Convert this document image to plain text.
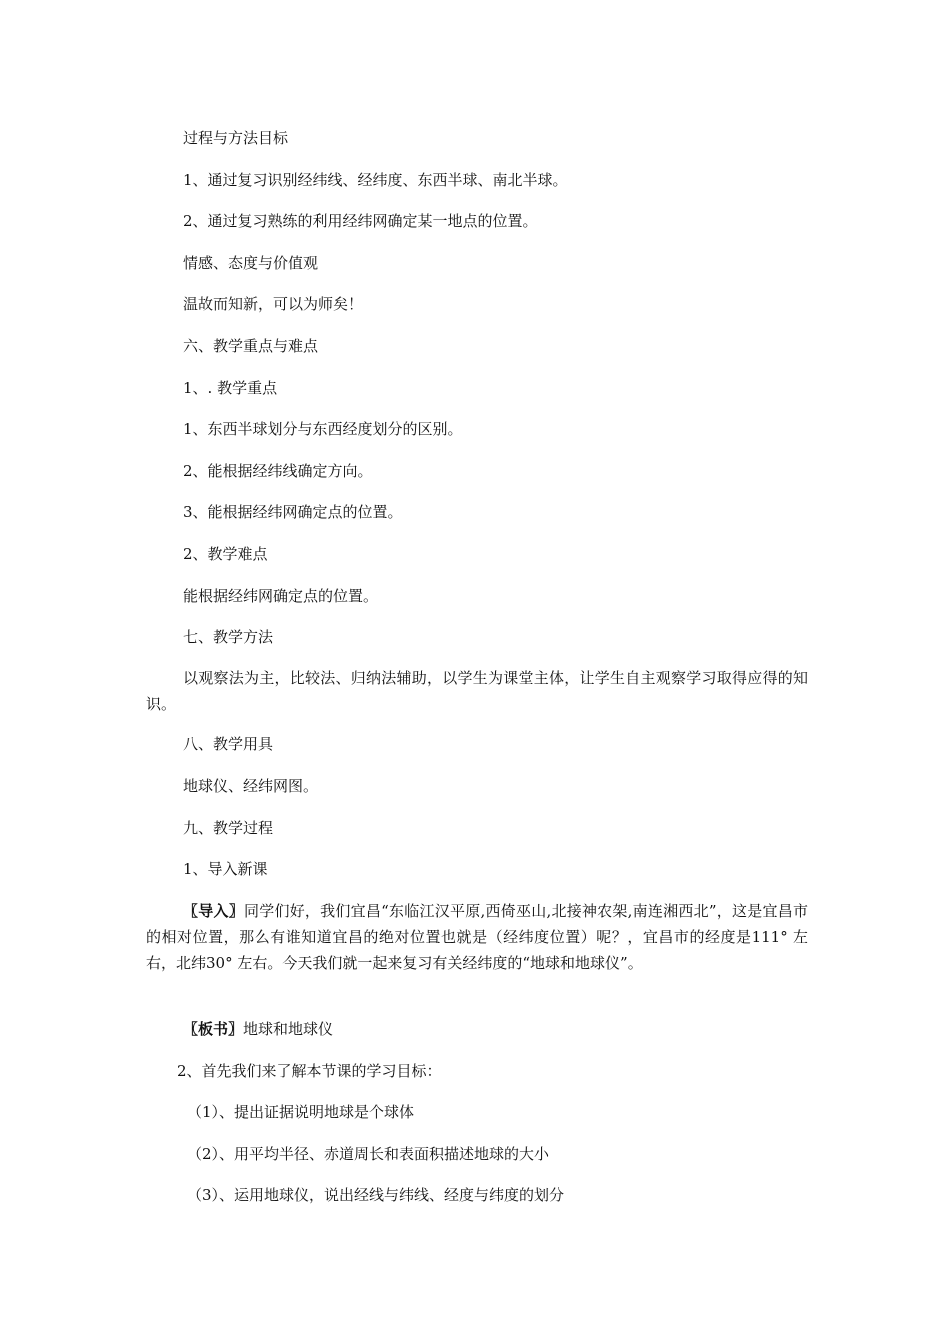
过程与方法目标
1、通过复习识别经纬线、经纬度、东西半球、南北半球。
2、通过复习熟练的利用经纬网确定某一地点的位置。
情感、态度与价值观
温故而知新，可以为师矣！
六、教学重点与难点
1、. 教学重点
1、东西半球划分与东西经度划分的区别。
2、能根据经纬线确定方向。
3、能根据经纬网确定点的位置。
2、教学难点
能根据经纬网确定点的位置。
七、教学方法
以观察法为主，比较法、归纳法辅助，以学生为课堂主体，让学生自主观察学习取得应得的知识。
八、教学用具
地球仪、经纬网图。
九、教学过程
1、导入新课
〖导入〗同学们好，我们宜昌“东临江汉平原,西倚巫山,北接神农架,南连湘西北”，这是宜昌市的相对位置，那么有谁知道宜昌的绝对位置也就是（经纬度位置）呢？，宜昌市的经度是111° 左右，北纬30° 左右。今天我们就一起来复习有关经纬度的“地球和地球仪”。
〖板书〗地球和地球仪
2、首先我们来了解本节课的学习目标：
（1）、提出证据说明地球是个球体
（2）、用平均半径、赤道周长和表面积描述地球的大小
（3）、运用地球仪，说出经线与纬线、经度与纬度的划分
